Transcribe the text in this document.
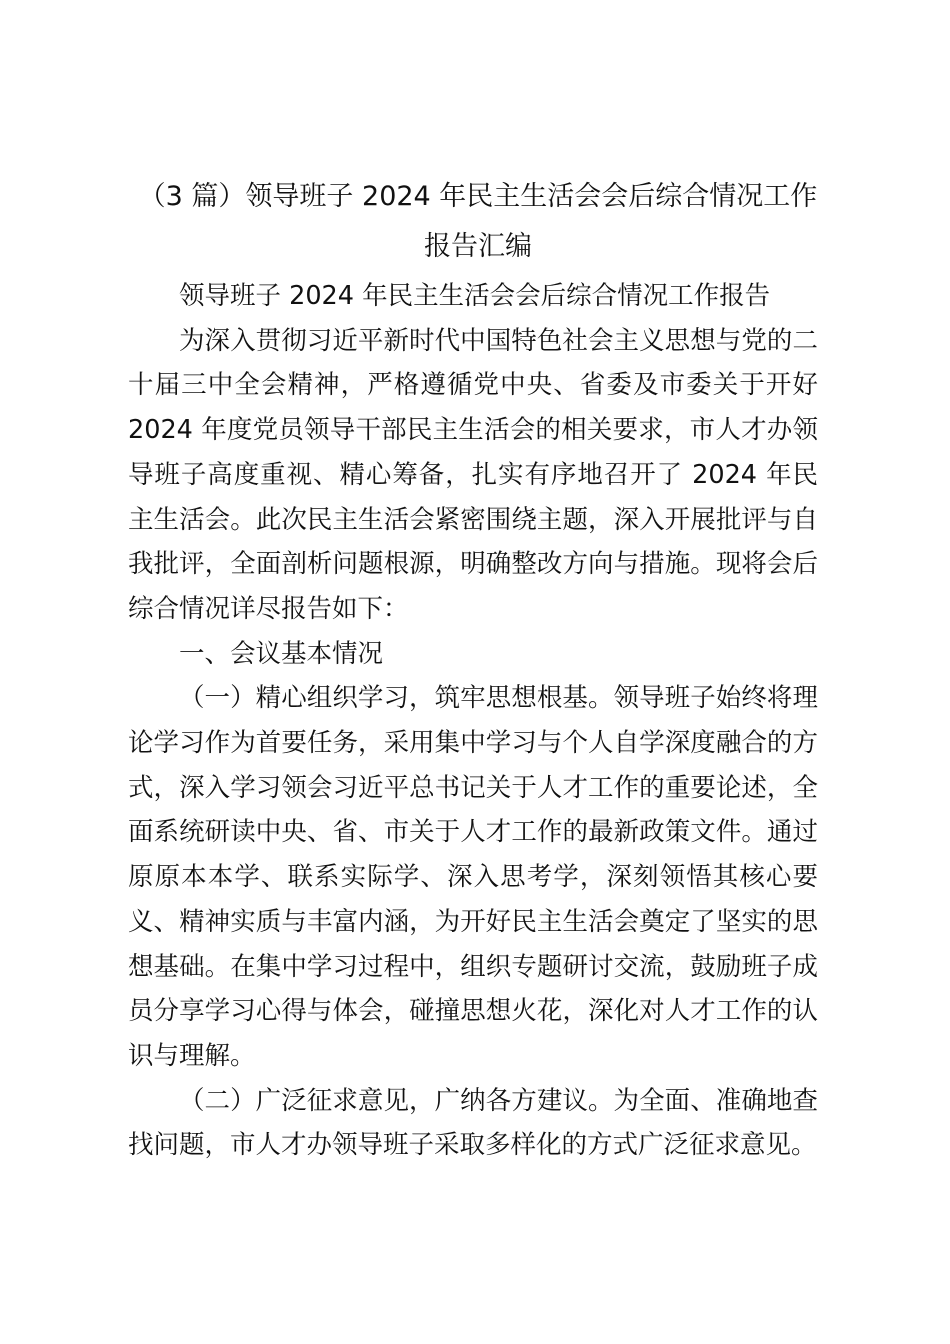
（3 篇）领导班子 2024 年民主生活会会后综合情况工作报告汇编

领导班子 2024 年民主生活会会后综合情况工作报告

为深入贯彻习近平新时代中国特色社会主义思想与党的二十届三中全会精神，严格遵循党中央、省委及市委关于开好 2024 年度党员领导干部民主生活会的相关要求，市人才办领导班子高度重视、精心筹备，扎实有序地召开了 2024 年民主生活会。此次民主生活会紧密围绕主题，深入开展批评与自我批评，全面剖析问题根源，明确整改方向与措施。现将会后综合情况详尽报告如下：

一、会议基本情况

（一）精心组织学习，筑牢思想根基。领导班子始终将理论学习作为首要任务，采用集中学习与个人自学深度融合的方式，深入学习领会习近平总书记关于人才工作的重要论述，全面系统研读中央、省、市关于人才工作的最新政策文件。通过原原本本学、联系实际学、深入思考学，深刻领悟其核心要义、精神实质与丰富内涵，为开好民主生活会奠定了坚实的思想基础。在集中学习过程中，组织专题研讨交流，鼓励班子成员分享学习心得与体会，碰撞思想火花，深化对人才工作的认识与理解。

（二）广泛征求意见，广纳各方建议。为全面、准确地查找问题，市人才办领导班子采取多样化的方式广泛征求意见。
